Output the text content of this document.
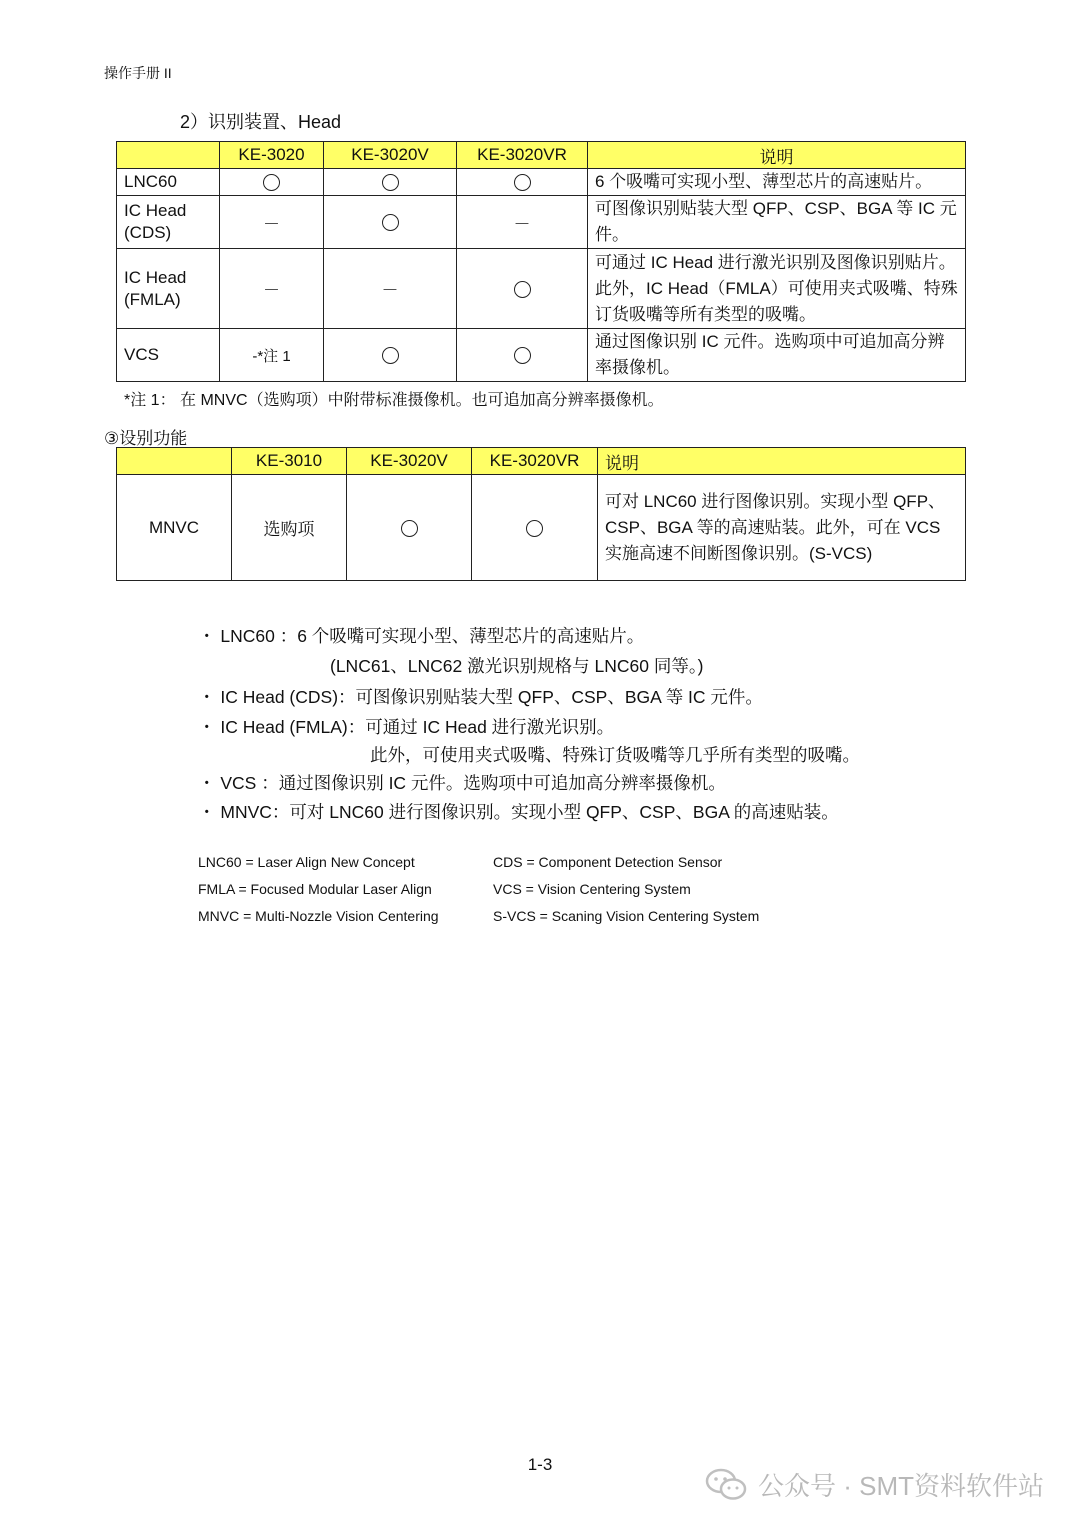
操作手册 II
2）识别装置、Head
	KE-3020	KE-3020V	KE-3020VR	说明
LNC60				6 个吸嘴可实现小型、薄型芯片的高速贴片。
IC Head (CDS)	－		－	可图像识别贴装大型 QFP、CSP、BGA 等 IC 元件。
IC Head (FMLA)	－	－		可通过 IC Head 进行激光识别及图像识别贴片。此外，IC Head（FMLA）可使用夹式吸嘴、特殊订货吸嘴等所有类型的吸嘴。
VCS	-*注 1			通过图像识别 IC 元件。选购项中可追加高分辨率摄像机。
*注 1： 在 MNVC（选购项）中附带标准摄像机。也可追加高分辨率摄像机。
③设别功能
	KE-3010	KE-3020V	KE-3020VR	说明
MNVC	选购项			可对 LNC60 进行图像识别。实现小型 QFP、CSP、BGA 等的高速贴装。此外，可在 VCS 实施高速不间断图像识别。(S-VCS)
・ LNC60 ：6 个吸嘴可实现小型、薄型芯片的高速贴片。
(LNC61、LNC62 激光识别规格与 LNC60 同等。)
・ IC Head (CDS)：可图像识别贴装大型 QFP、CSP、BGA 等 IC 元件。
・ IC Head (FMLA)：可通过 IC Head 进行激光识别。
此外，可使用夹式吸嘴、特殊订货吸嘴等几乎所有类型的吸嘴。
・ VCS ：通过图像识别 IC 元件。选购项中可追加高分辨率摄像机。
・ MNVC：可对 LNC60 进行图像识别。实现小型 QFP、CSP、BGA 的高速贴装。
LNC60 = Laser Align New Concept	CDS = Component Detection Sensor
FMLA = Focused Modular Laser Align	VCS = Vision Centering System
MNVC = Multi-Nozzle Vision Centering	S-VCS = Scaning Vision Centering System
1-3
公众号 · SMT资料软件站
